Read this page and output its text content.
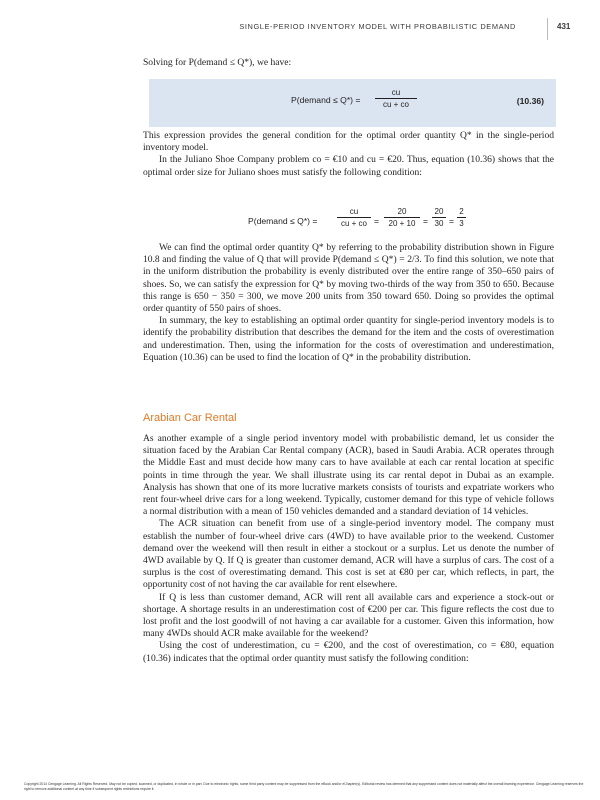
SINGLE-PERIOD INVENTORY MODEL WITH PROBABILISTIC DEMAND	431

Solving for P(demand ≤ Q*), we have:

P(demand ≤ Q*) =
cu
cu + co	(10.36)

This expression provides the general condition for the optimal order quantity Q* in the single-period inventory model.

In the Juliano Shoe Company problem co = €10 and cu = €20. Thus, equation (10.36) shows that the optimal order size for Juliano shoes must satisfy the following condition:

P(demand ≤ Q*) =
cu
cu + co =
20
20 + 10 =
20
30 =
2
3

We can find the optimal order quantity Q* by referring to the probability distribution shown in Figure 10.8 and finding the value of Q that will provide P(demand ≤ Q*) = 2/3. To find this solution, we note that in the uniform distribution the probability is evenly distributed over the entire range of 350–650 pairs of shoes. So, we can satisfy the expression for Q* by moving two-thirds of the way from 350 to 650. Because this range is 650 − 350 = 300, we move 200 units from 350 toward 650. Doing so provides the optimal order quantity of 550 pairs of shoes.

In summary, the key to establishing an optimal order quantity for single-period inventory models is to identify the probability distribution that describes the demand for the item and the costs of overestimation and underestimation. Then, using the information for the costs of overestimation and underestimation, Equation (10.36) can be used to find the location of Q* in the probability distribution.

Arabian Car Rental

As another example of a single period inventory model with probabilistic demand, let us consider the situation faced by the Arabian Car Rental company (ACR), based in Saudi Arabia. ACR operates through the Middle East and must decide how many cars to have available at each car rental location at specific points in time through the year. We shall illustrate using its car rental depot in Dubai as an example. Analysis has shown that one of its more lucrative markets consists of tourists and expatriate workers who rent four-wheel drive cars for a long weekend. Typically, customer demand for this type of vehicle follows a normal distribution with a mean of 150 vehicles demanded and a standard deviation of 14 vehicles.

The ACR situation can benefit from use of a single-period inventory model. The company must establish the number of four-wheel drive cars (4WD) to have available prior to the weekend. Customer demand over the weekend will then result in either a stockout or a surplus. Let us denote the number of 4WD available by Q. If Q is greater than customer demand, ACR will have a surplus of cars. The cost of a surplus is the cost of overestimating demand. This cost is set at €80 per car, which reflects, in part, the opportunity cost of not having the car available for rent elsewhere.

If Q is less than customer demand, ACR will rent all available cars and experience a stock-out or shortage. A shortage results in an underestimation cost of €200 per car. This figure reflects the cost due to lost profit and the lost goodwill of not having a car available for a customer. Given this information, how many 4WDs should ACR make available for the weekend?

Using the cost of underestimation, cu = €200, and the cost of overestimation, co = €80, equation (10.36) indicates that the optimal order quantity must satisfy the following condition:

Copyright 2014 Cengage Learning. All Rights Reserved. May not be copied, scanned, or duplicated, in whole or in part. Due to electronic rights, some third party content may be suppressed from the eBook and/or eChapter(s). Editorial review has deemed that any suppressed content does not materially affect the overall learning experience. Cengage Learning reserves the right to remove additional content at any time if subsequent rights restrictions require it.
